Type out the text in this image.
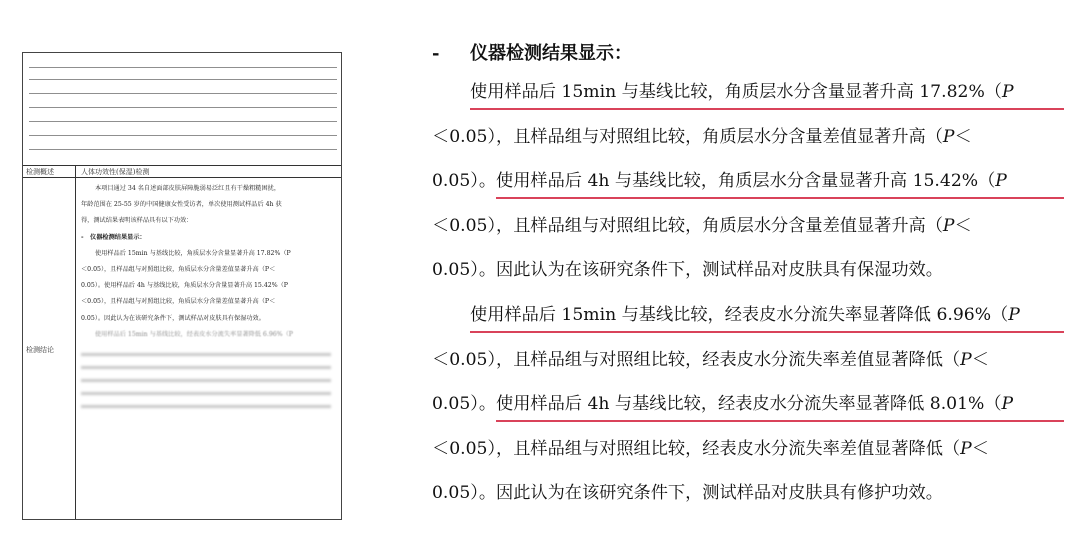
检测概述	人体功效性(保湿)检测
检测结论

本项目通过 34 名自述面部皮肤屏障脆弱易泛红且有干燥粗糙困扰，

年龄范围在 25-55 岁的中国健康女性受访者，单次使用测试样品后 4h 获

得，测试结果表明该样品具有以下功效：

-   仪器检测结果显示：

使用样品后 15min 与基线比较，角质层水分含量显著升高 17.82%（P

＜0.05），且样品组与对照组比较，角质层水分含量差值显著升高（P＜

0.05）。使用样品后 4h 与基线比较，角质层水分含量显著升高 15.42%（P

＜0.05），且样品组与对照组比较，角质层水分含量差值显著升高（P＜

0.05）。因此认为在该研究条件下，测试样品对皮肤具有保湿功效。

使用样品后 15min 与基线比较，经表皮水分流失率显著降低 6.96%（P

- 仪器检测结果显示：

使用样品后 15min 与基线比较，角质层水分含量显著升高 17.82%（P

＜0.05），且样品组与对照组比较，角质层水分含量差值显著升高（P＜

0.05）。使用样品后 4h 与基线比较，角质层水分含量显著升高 15.42%（P

＜0.05），且样品组与对照组比较，角质层水分含量差值显著升高（P＜

0.05）。因此认为在该研究条件下，测试样品对皮肤具有保湿功效。

使用样品后 15min 与基线比较，经表皮水分流失率显著降低 6.96%（P

＜0.05），且样品组与对照组比较，经表皮水分流失率差值显著降低（P＜

0.05）。使用样品后 4h 与基线比较，经表皮水分流失率显著降低 8.01%（P

＜0.05），且样品组与对照组比较，经表皮水分流失率差值显著降低（P＜

0.05）。因此认为在该研究条件下，测试样品对皮肤具有修护功效。
